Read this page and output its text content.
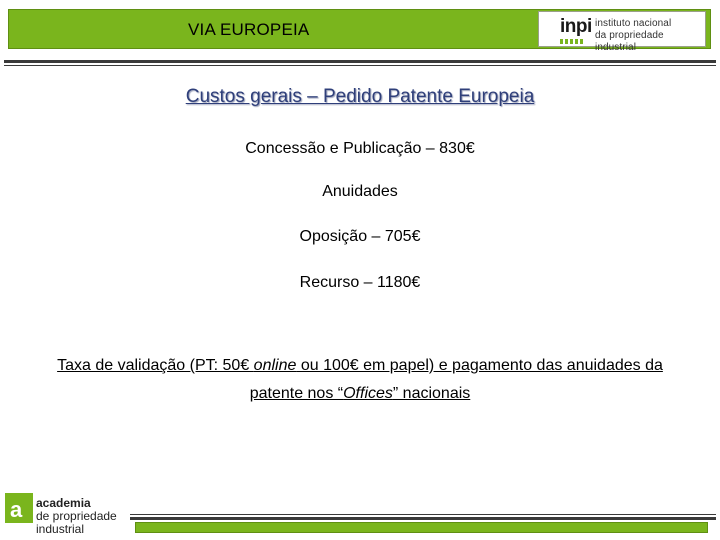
VIA EUROPEIA	inpi instituto nacional
da propriedade industrial
Custos gerais – Pedido Patente Europeia
Concessão e Publicação – 830€
Anuidades
Oposição – 705€
Recurso – 1180€
Taxa de validação (PT: 50€ online ou 100€ em papel) e pagamento das anuidades da patente nos “Offices” nacionais
a academia
de propriedade
industrial
